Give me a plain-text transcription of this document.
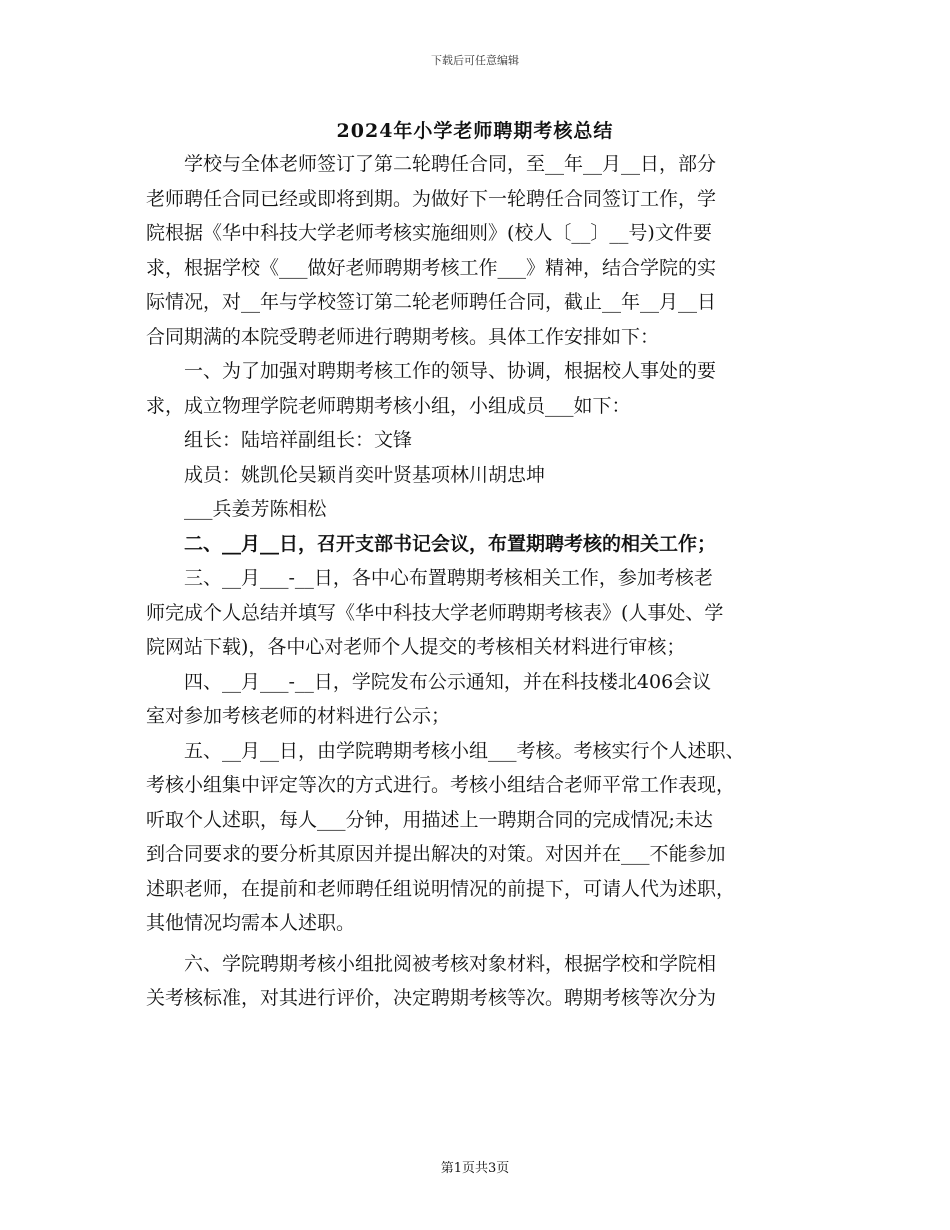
下载后可任意编辑
2024年小学老师聘期考核总结

　　学校与全体老师签订了第二轮聘任合同，至__年__月__日，部分

老师聘任合同已经或即将到期。为做好下一轮聘任合同签订工作，学

院根据《华中科技大学老师考核实施细则》(校人〔__〕__号)文件要

求，根据学校《___做好老师聘期考核工作___》精神，结合学院的实

际情况，对__年与学校签订第二轮老师聘任合同，截止__年__月__日

合同期满的本院受聘老师进行聘期考核。具体工作安排如下：

　　一、为了加强对聘期考核工作的领导、协调，根据校人事处的要

求，成立物理学院老师聘期考核小组，小组成员___如下：

　　组长：陆培祥副组长：文锋

　　成员：姚凯伦吴颖肖奕叶贤基项林川胡忠坤

　　___兵姜芳陈相松

　　二、__月__日，召开支部书记会议，布置期聘考核的相关工作；

　　三、__月___-__日，各中心布置聘期考核相关工作，参加考核老

师完成个人总结并填写《华中科技大学老师聘期考核表》(人事处、学

院网站下载)，各中心对老师个人提交的考核相关材料进行审核；

　　四、__月___-__日，学院发布公示通知，并在科技楼北406会议

室对参加考核老师的材料进行公示；

　　五、__月__日，由学院聘期考核小组___考核。考核实行个人述职、

考核小组集中评定等次的方式进行。考核小组结合老师平常工作表现，

听取个人述职，每人___分钟，用描述上一聘期合同的完成情况;未达

到合同要求的要分析其原因并提出解决的对策。对因并在___不能参加

述职老师，在提前和老师聘任组说明情况的前提下，可请人代为述职，

其他情况均需本人述职。

　　六、学院聘期考核小组批阅被考核对象材料，根据学校和学院相

关考核标准，对其进行评价，决定聘期考核等次。聘期考核等次分为

第1页共3页
